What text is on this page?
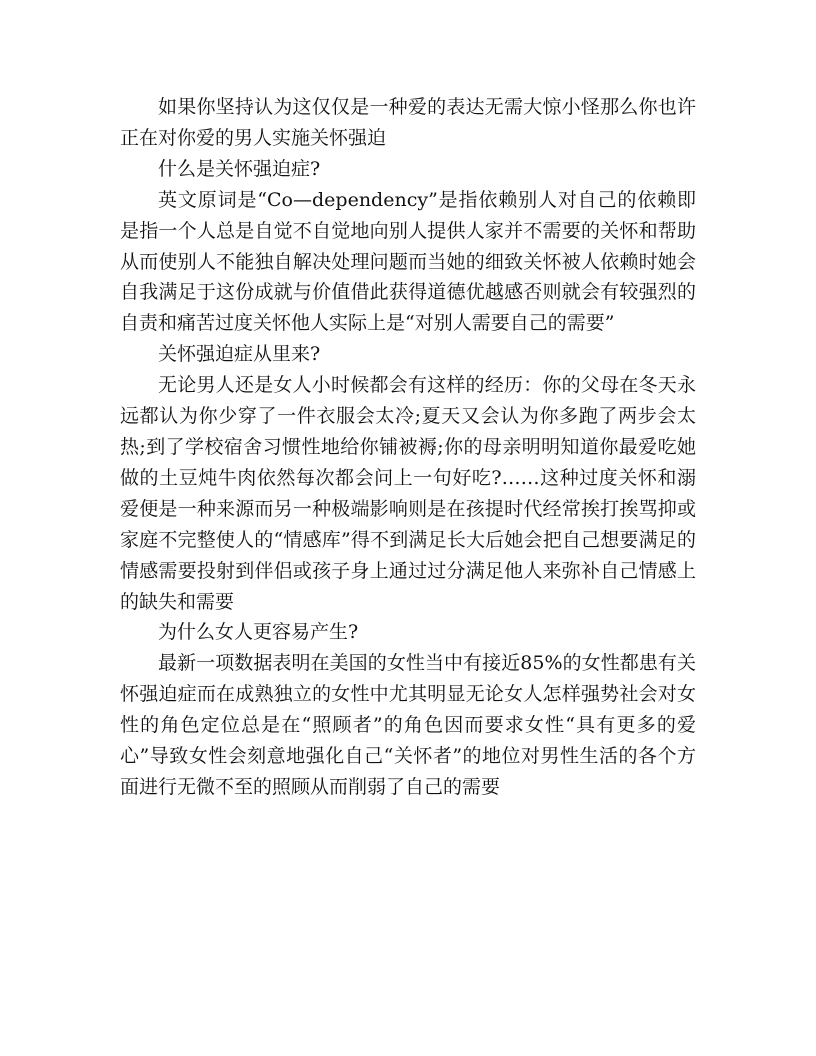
如果你坚持认为这仅仅是一种爱的表达无需大惊小怪那么你也许正在对你爱的男人实施关怀强迫

什么是关怀强迫症?

英文原词是“Co—dependency”是指依赖别人对自己的依赖即是指一个人总是自觉不自觉地向别人提供人家并不需要的关怀和帮助从而使别人不能独自解决处理问题而当她的细致关怀被人依赖时她会自我满足于这份成就与价值借此获得道德优越感否则就会有较强烈的自责和痛苦过度关怀他人实际上是“对别人需要自己的需要”

关怀强迫症从里来?

无论男人还是女人小时候都会有这样的经历：你的父母在冬天永远都认为你少穿了一件衣服会太冷;夏天又会认为你多跑了两步会太热;到了学校宿舍习惯性地给你铺被褥;你的母亲明明知道你最爱吃她做的土豆炖牛肉依然每次都会问上一句好吃?……这种过度关怀和溺爱便是一种来源而另一种极端影响则是在孩提时代经常挨打挨骂抑或家庭不完整使人的“情感库”得不到满足长大后她会把自己想要满足的情感需要投射到伴侣或孩子身上通过过分满足他人来弥补自己情感上的缺失和需要

为什么女人更容易产生?

最新一项数据表明在美国的女性当中有接近85%的女性都患有关怀强迫症而在成熟独立的女性中尤其明显无论女人怎样强势社会对女性的角色定位总是在“照顾者”的角色因而要求女性“具有更多的爱心”导致女性会刻意地强化自己“关怀者”的地位对男性生活的各个方面进行无微不至的照顾从而削弱了自己的需要
